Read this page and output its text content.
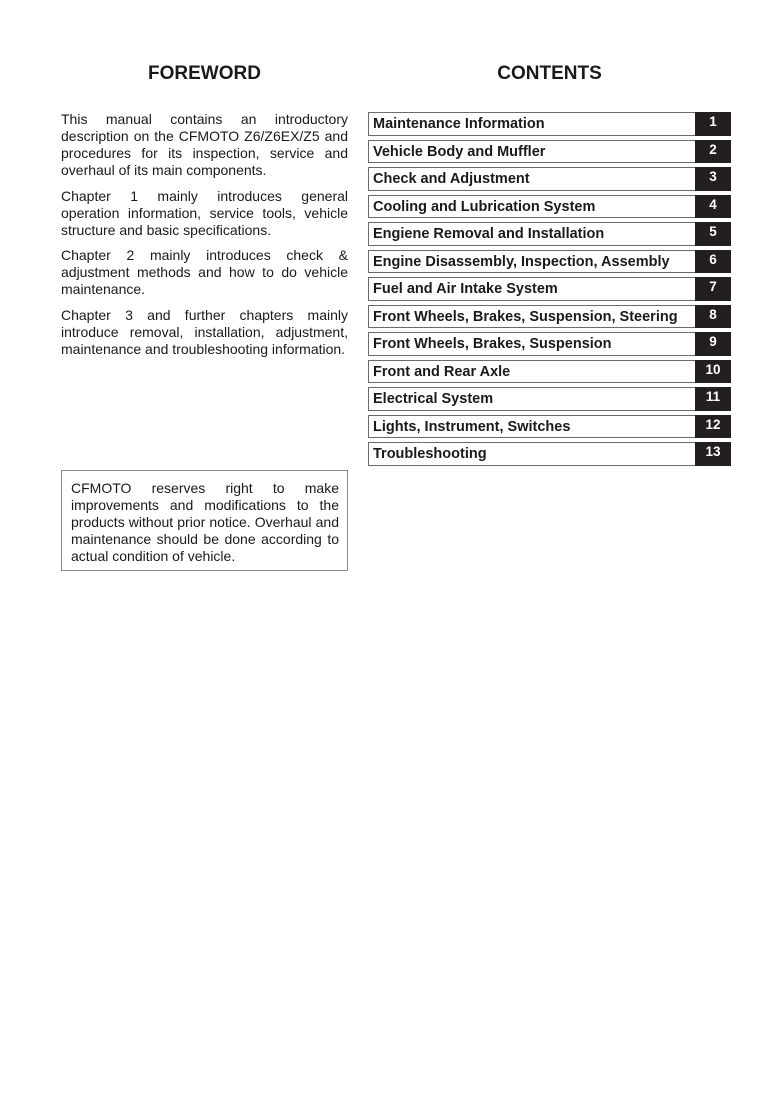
FOREWORD	CONTENTS

This manual contains an introductory description on the CFMOTO Z6/Z6EX/Z5 and procedures for its inspection, service and overhaul of its main components.

Chapter 1 mainly introduces general operation information, service tools, vehicle structure and basic specifications.

Chapter 2 mainly introduces check & adjustment methods and how to do vehicle maintenance.

Chapter 3 and further chapters mainly introduce removal, installation, adjustment, maintenance and troubleshooting information.

CFMOTO reserves right to make improvements and modifications to the products without prior notice. Overhaul and maintenance should be done according to actual condition of vehicle.
Maintenance Information	1
Vehicle Body and Muffler	2
Check and Adjustment	3
Cooling and Lubrication System	4
Engiene Removal and Installation	5
Engine Disassembly, Inspection, Assembly	6
Fuel and Air Intake System	7
Front Wheels, Brakes, Suspension, Steering	8
Front Wheels, Brakes, Suspension	9
Front and Rear Axle	10
Electrical System	11
Lights, Instrument, Switches	12
Troubleshooting	13
